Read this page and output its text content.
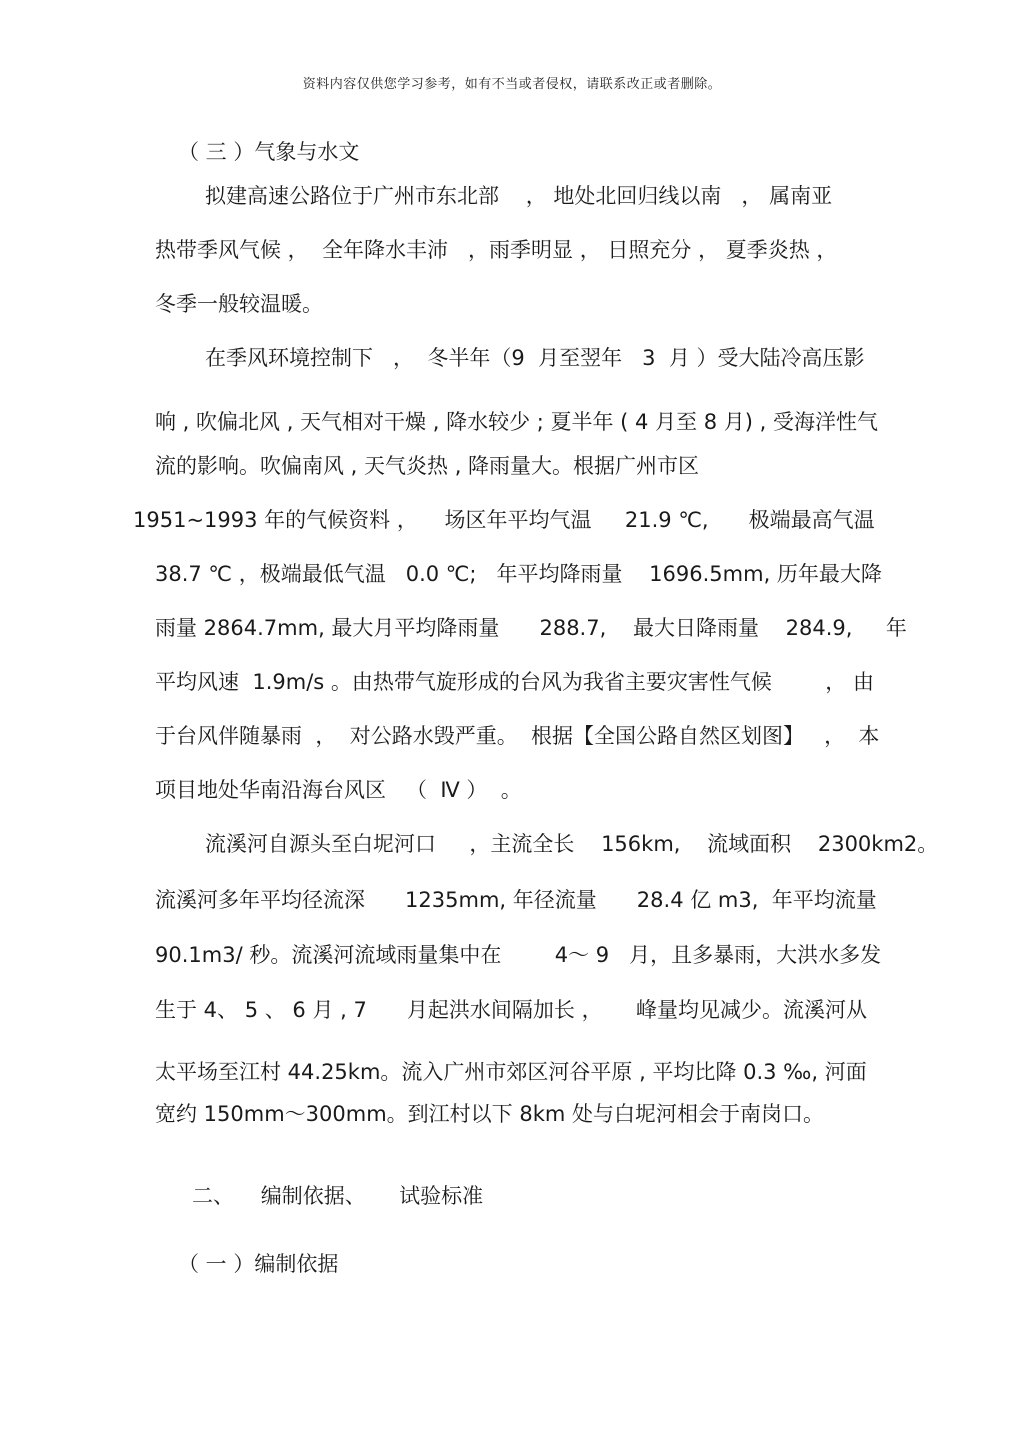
资料内容仅供您学习参考，如有不当或者侵权，请联系改正或者删除。
（ 三 ）气象与水文
拟建高速公路位于广州市东北部    ， 地处北回归线以南   ， 属南亚
热带季风气候 ，  全年降水丰沛   ，雨季明显 ， 日照充分 ， 夏季炎热 ，
冬季一般较温暖。
在季风环境控制下   ，  冬半年（9  月至翌年   3  月 ）受大陆冷高压影
响 , 吹偏北风 , 天气相对干燥 , 降水较少 ; 夏半年 ( 4 月至 8 月) , 受海洋性气
流的影响。吹偏南风 , 天气炎热 , 降雨量大。根据广州市区
1951~1993 年的气候资料 ，    场区年平均气温     21.9 ℃,      极端最高气温
38.7 ℃ ，极端最低气温   0.0 ℃;   年平均降雨量    1696.5mm, 历年最大降
雨量 2864.7mm, 最大月平均降雨量      288.7,    最大日降雨量    284.9,     年
平均风速  1.9m/s 。由热带气旋形成的台风为我省主要灾害性气候        ， 由
于台风伴随暴雨  ，  对公路水毁严重。  根据【全国公路自然区划图】   ，  本
项目地处华南沿海台风区   （  Ⅳ ）  。
流溪河自源头至白坭河口     ，主流全长    156km,    流域面积    2300km2。
流溪河多年平均径流深      1235mm, 年径流量      28.4 亿 m3,  年平均流量
90.1m3/ 秒。流溪河流域雨量集中在        4～ 9   月，且多暴雨，大洪水多发
生于 4、 5 、 6 月 , 7      月起洪水间隔加长 ，     峰量均见减少。流溪河从
太平场至江村 44.25km。流入广州市郊区河谷平原 , 平均比降 0.3 ‰, 河面
宽约 150mm～300mm。到江村以下 8km 处与白坭河相会于南岗口。
二、    编制依据、     试验标准
（ 一 ）编制依据
